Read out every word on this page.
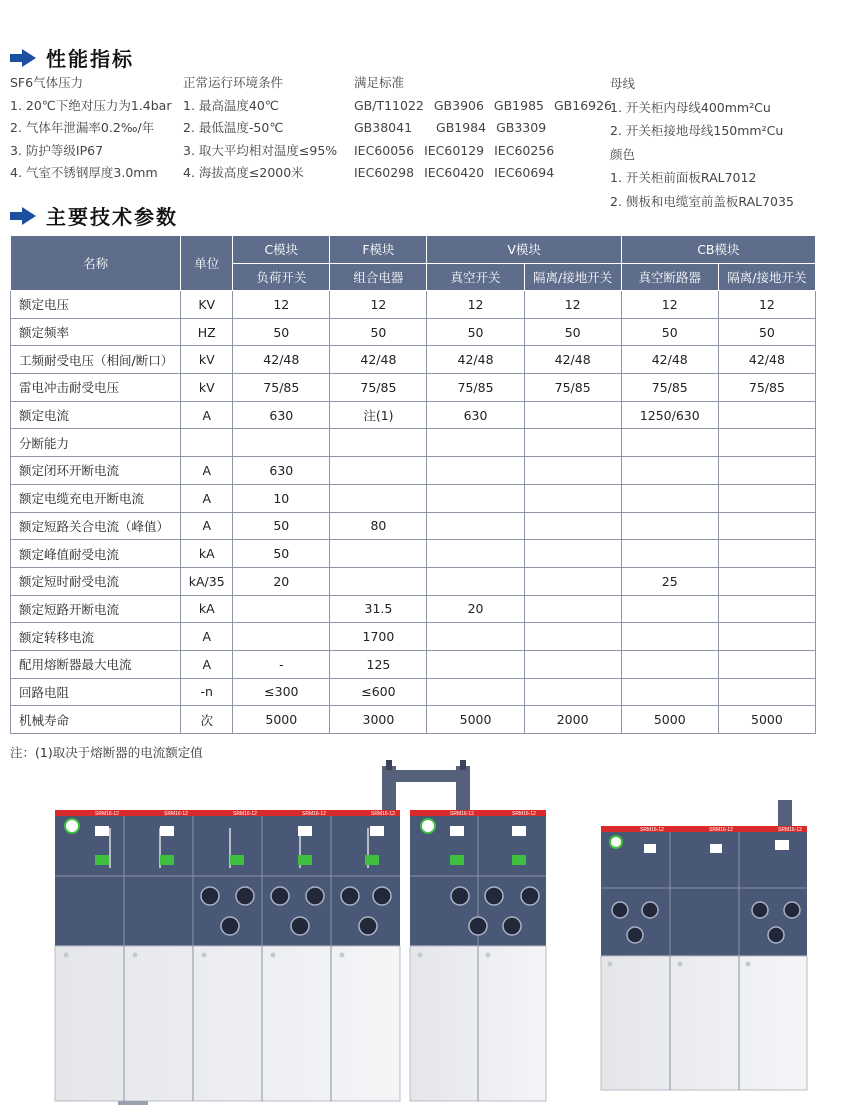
性能指标
SF6气体压力
1. 20℃下绝对压力为1.4bar
2. 气体年泄漏率0.2‰/年
3. 防护等级IP67
4. 气室不锈钢厚度3.0mm
正常运行环境条件
1. 最高温度40℃
2. 最低温度-50℃
3. 取大平均相对温度≤95%
4. 海拔高度≤2000米
满足标准
GB/T11022 GB3906 GB1985 GB16926
GB38041 GB1984 GB3309
IEC60056 IEC60129 IEC60256
IEC60298 IEC60420 IEC60694
母线
1. 开关柜内母线400mm²Cu
2. 开关柜接地母线150mm²Cu
颜色
1. 开关柜前面板RAL7012
2. 侧板和电缆室前盖板RAL7035
主要技术参数
名称	单位	C模块	F模块	V模块		CB模块	
		负荷开关	组合电器	真空开关	隔离/接地开关	真空断路器	隔离/接地开关
额定电压	KV	12	12	12	12	12	12
额定频率	HZ	50	50	50	50	50	50
工频耐受电压（相间/断口）	kV	42/48	42/48	42/48	42/48	42/48	42/48
雷电冲击耐受电压	kV	75/85	75/85	75/85	75/85	75/85	75/85
额定电流	A	630	注(1)	630		1250/630	
分断能力							
额定闭环开断电流	A	630					
额定电缆充电开断电流	A	10					
额定短路关合电流（峰值）	A	50	80				
额定峰值耐受电流	kA	50					
额定短时耐受电流	kA/35	20				25	
额定短路开断电流	kA		31.5	20			
额定转移电流	A		1700				
配用熔断器最大电流	A	-	125				
回路电阻	-n	≤300	≤600				
机械寿命	次	5000	3000	5000	2000	5000	5000
注：(1)取决于熔断器的电流额定值
SRM16-12	SRM16-12	SRM16-12	SRM16-12	SRM16-12	SRM16-12	SRM16-12
SRM16-12	SRM16-12	SRM16-12
